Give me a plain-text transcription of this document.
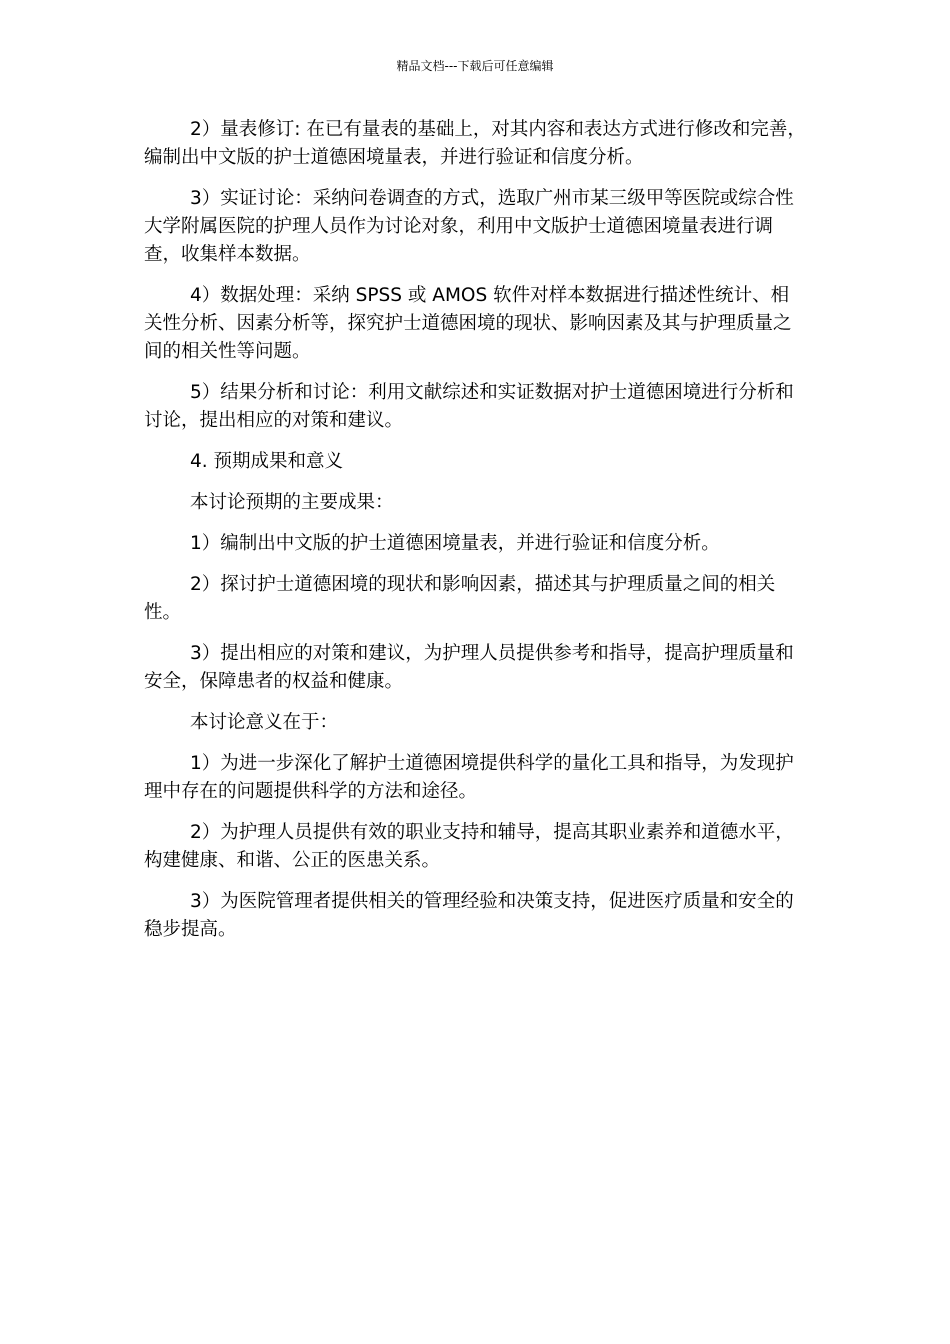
精品文档---下载后可任意编辑

2）量表修订: 在已有量表的基础上，对其内容和表达方式进行修改和完善，编制出中文版的护士道德困境量表，并进行验证和信度分析。

3）实证讨论：采纳问卷调查的方式，选取广州市某三级甲等医院或综合性大学附属医院的护理人员作为讨论对象，利用中文版护士道德困境量表进行调查，收集样本数据。

4）数据处理：采纳 SPSS 或 AMOS 软件对样本数据进行描述性统计、相关性分析、因素分析等，探究护士道德困境的现状、影响因素及其与护理质量之间的相关性等问题。

5）结果分析和讨论：利用文献综述和实证数据对护士道德困境进行分析和讨论，提出相应的对策和建议。

4. 预期成果和意义

本讨论预期的主要成果：

1）编制出中文版的护士道德困境量表，并进行验证和信度分析。

2）探讨护士道德困境的现状和影响因素，描述其与护理质量之间的相关性。

3）提出相应的对策和建议，为护理人员提供参考和指导，提高护理质量和安全，保障患者的权益和健康。

本讨论意义在于：

1）为进一步深化了解护士道德困境提供科学的量化工具和指导，为发现护理中存在的问题提供科学的方法和途径。

2）为护理人员提供有效的职业支持和辅导，提高其职业素养和道德水平，构建健康、和谐、公正的医患关系。

3）为医院管理者提供相关的管理经验和决策支持，促进医疗质量和安全的稳步提高。
